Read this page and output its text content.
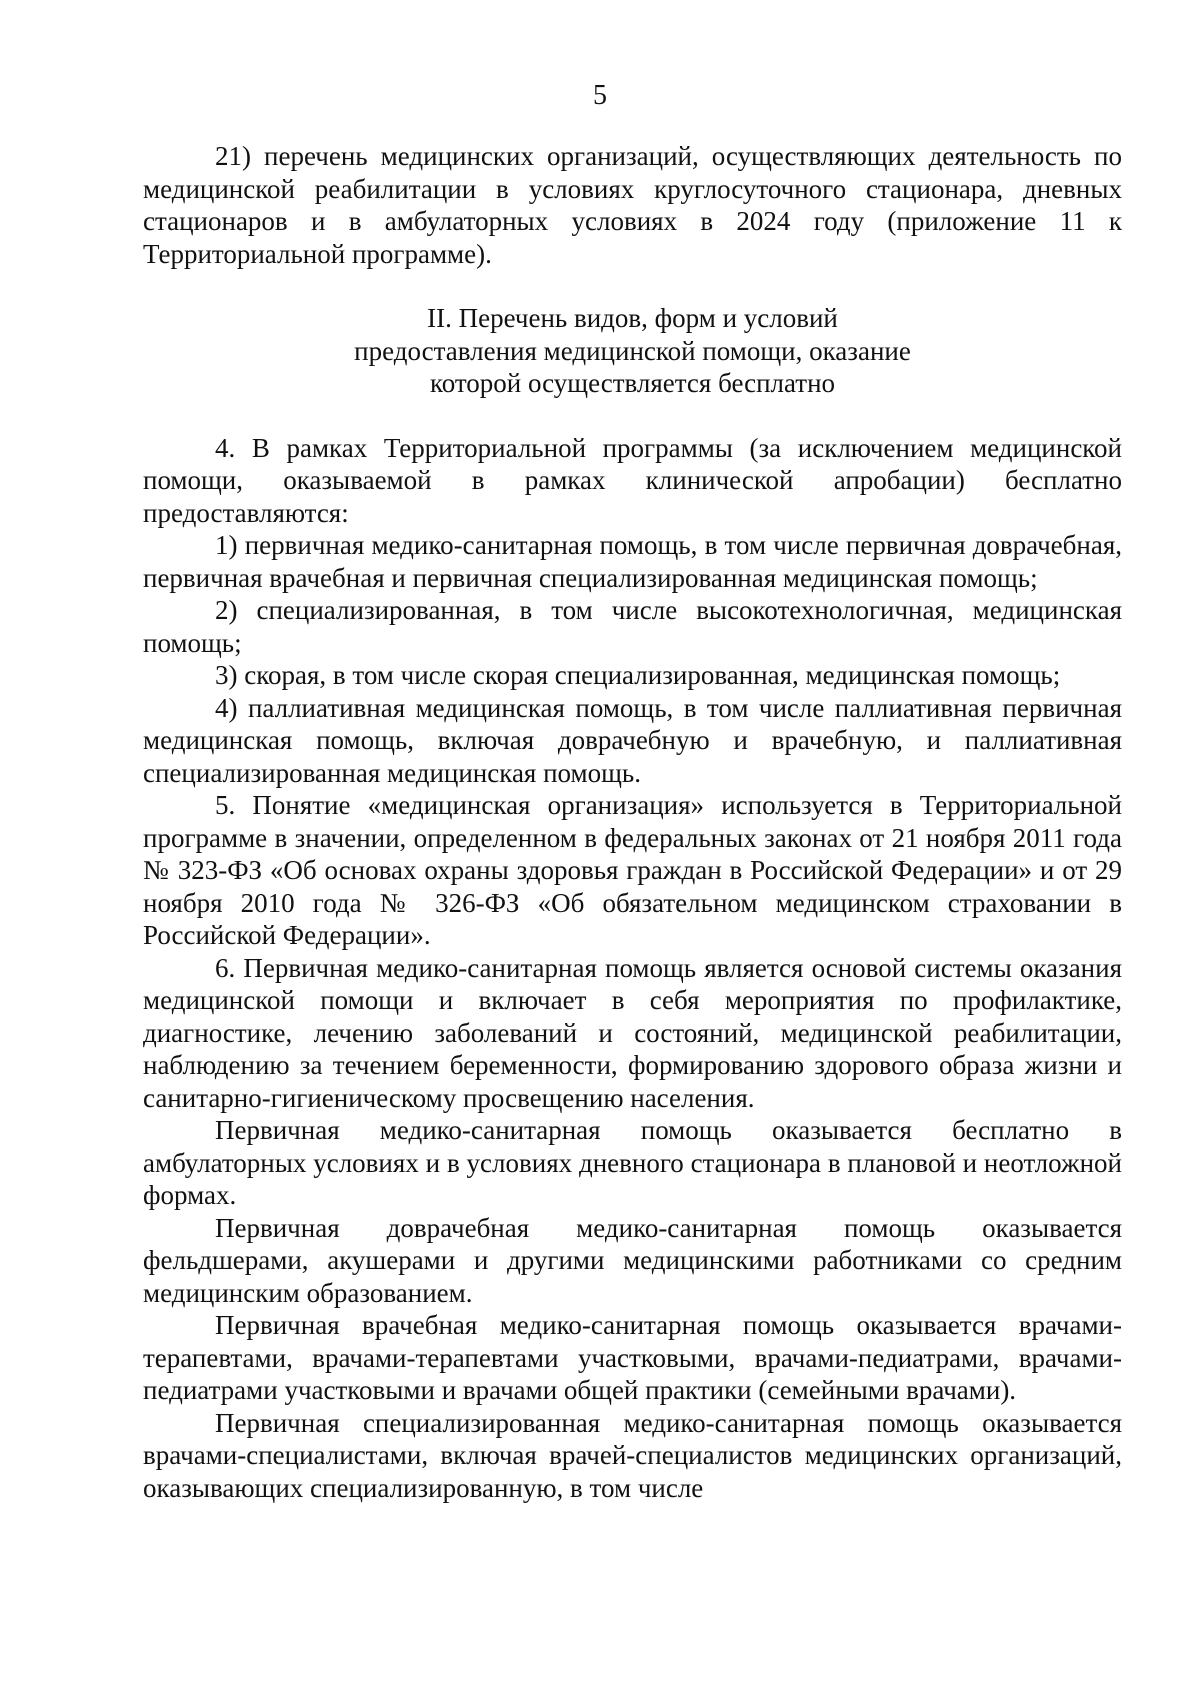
5

21) перечень медицинских организаций, осуществляющих деятельность по медицинской реабилитации в условиях круглосуточного стационара, дневных стационаров и в амбулаторных условиях в 2024 году (приложение 11 к Территориальной программе).

II. Перечень видов, форм и условий
предоставления медицинской помощи, оказание
которой осуществляется бесплатно

4. В рамках Территориальной программы (за исключением медицинской помощи, оказываемой в рамках клинической апробации) бесплатно предоставляются:

1) первичная медико-санитарная помощь, в том числе первичная доврачебная, первичная врачебная и первичная специализированная медицинская помощь;

2) специализированная, в том числе высокотехнологичная, медицинская помощь;

3) скорая, в том числе скорая специализированная, медицинская помощь;

4) паллиативная медицинская помощь, в том числе паллиативная первичная медицинская помощь, включая доврачебную и врачебную, и паллиативная специализированная медицинская помощь.

5. Понятие «медицинская организация» используется в Территориальной программе в значении, определенном в федеральных законах от 21 ноября 2011 года № 323-ФЗ «Об основах охраны здоровья граждан в Российской Федерации» и от 29 ноября 2010 года № 326-ФЗ «Об обязательном медицинском страховании в Российской Федерации».

6. Первичная медико-санитарная помощь является основой системы оказания медицинской помощи и включает в себя мероприятия по профилактике, диагностике, лечению заболеваний и состояний, медицинской реабилитации, наблюдению за течением беременности, формированию здорового образа жизни и санитарно-гигиеническому просвещению населения.

Первичная медико-санитарная помощь оказывается бесплатно в амбулаторных условиях и в условиях дневного стационара в плановой и неотложной формах.

Первичная доврачебная медико-санитарная помощь оказывается фельдшерами, акушерами и другими медицинскими работниками со средним медицинским образованием.

Первичная врачебная медико-санитарная помощь оказывается врачами-терапевтами, врачами-терапевтами участковыми, врачами-педиатрами, врачами-педиатрами участковыми и врачами общей практики (семейными врачами).

Первичная специализированная медико-санитарная помощь оказывается врачами-специалистами, включая врачей-специалистов медицинских организаций, оказывающих специализированную, в том числе
